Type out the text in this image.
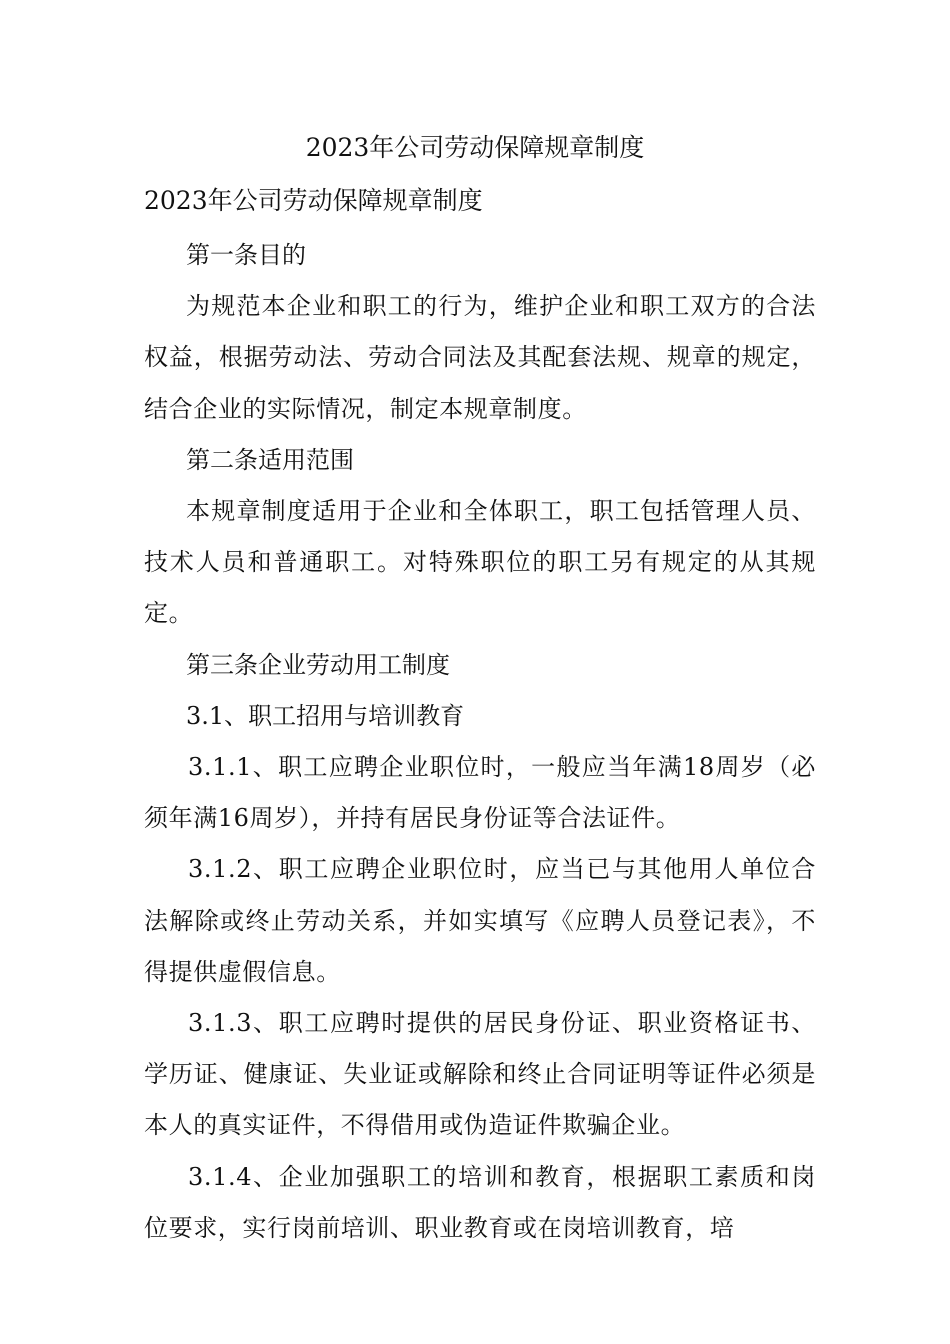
2023年公司劳动保障规章制度
2023年公司劳动保障规章制度
第一条目的
为规范本企业和职工的行为，维护企业和职工双方的合法权益，根据劳动法、劳动合同法及其配套法规、规章的规定，结合企业的实际情况，制定本规章制度。
第二条适用范围
本规章制度适用于企业和全体职工，职工包括管理人员、技术人员和普通职工。对特殊职位的职工另有规定的从其规定。
第三条企业劳动用工制度
3.1、职工招用与培训教育
3.1.1、职工应聘企业职位时，一般应当年满18周岁（必须年满16周岁），并持有居民身份证等合法证件。
3.1.2、职工应聘企业职位时，应当已与其他用人单位合法解除或终止劳动关系，并如实填写《应聘人员登记表》，不得提供虚假信息。
3.1.3、职工应聘时提供的居民身份证、职业资格证书、学历证、健康证、失业证或解除和终止合同证明等证件必须是本人的真实证件，不得借用或伪造证件欺骗企业。
3.1.4、企业加强职工的培训和教育，根据职工素质和岗位要求，实行岗前培训、职业教育或在岗培训教育，培
